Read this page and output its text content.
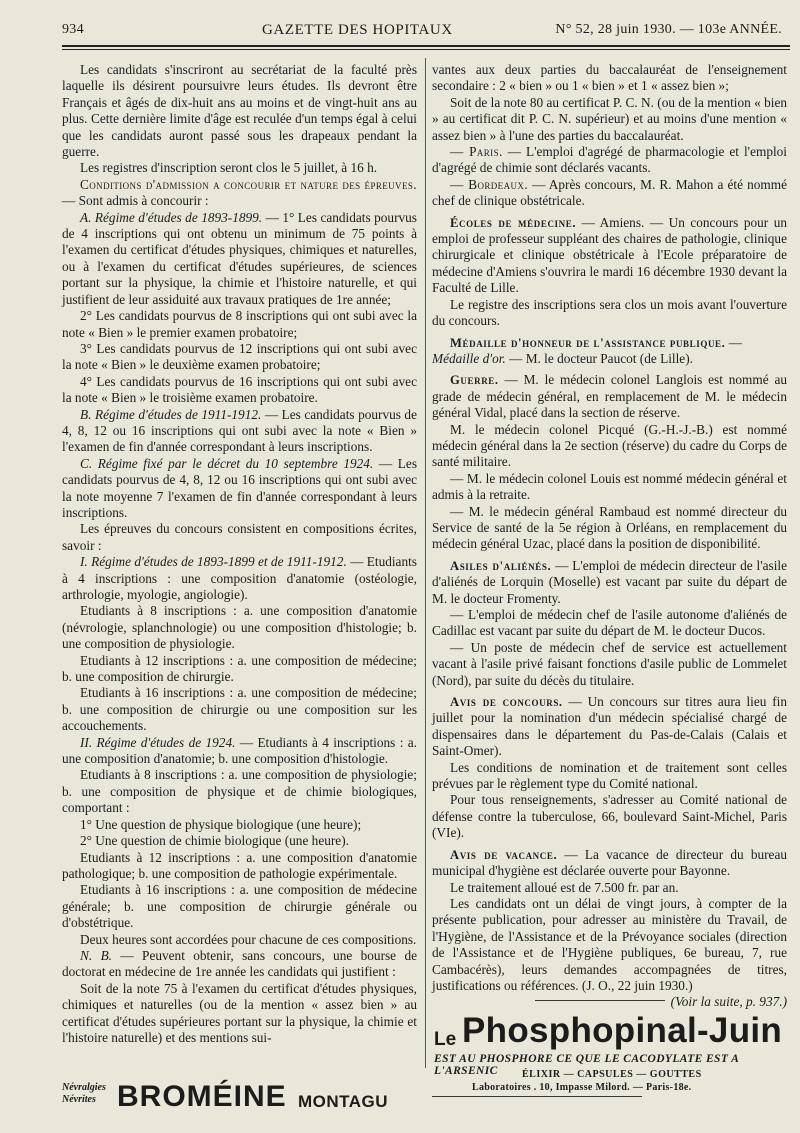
934	GAZETTE DES HOPITAUX	N° 52, 28 juin 1930. — 103e ANNÉE.

Les candidats s'inscriront au secrétariat de la faculté près laquelle ils désirent poursuivre leurs études. Ils devront être Français et âgés de dix-huit ans au moins et de vingt-huit ans au plus. Cette dernière limite d'âge est reculée d'un temps égal à celui que les candidats auront passé sous les drapeaux pendant la guerre.

Les registres d'inscription seront clos le 5 juillet, à 16 h.

Conditions d'admission a concourir et nature des épreuves. — Sont admis à concourir :

A. Régime d'études de 1893-1899. — 1° Les candidats pourvus de 4 inscriptions qui ont obtenu un minimum de 75 points à l'examen du certificat d'études physiques, chimiques et naturelles, ou à l'examen du certificat d'études supérieures, de sciences portant sur la physique, la chimie et l'histoire naturelle, et qui justifient de leur assiduité aux travaux pratiques de 1re année;

2° Les candidats pourvus de 8 inscriptions qui ont subi avec la note « Bien » le premier examen probatoire;

3° Les candidats pourvus de 12 inscriptions qui ont subi avec la note « Bien » le deuxième examen probatoire;

4° Les candidats pourvus de 16 inscriptions qui ont subi avec la note « Bien » le troisième examen probatoire.

B. Régime d'études de 1911-1912. — Les candidats pourvus de 4, 8, 12 ou 16 inscriptions qui ont subi avec la note « Bien » l'examen de fin d'année correspondant à leurs inscriptions.

C. Régime fixé par le décret du 10 septembre 1924. — Les candidats pourvus de 4, 8, 12 ou 16 inscriptions qui ont subi avec la note moyenne 7 l'examen de fin d'année correspondant à leurs inscriptions.

Les épreuves du concours consistent en compositions écrites, savoir :

I. Régime d'études de 1893-1899 et de 1911-1912. — Etudiants à 4 inscriptions : une composition d'anatomie (ostéologie, arthrologie, myologie, angiologie).

Etudiants à 8 inscriptions : a. une composition d'anatomie (névrologie, splanchnologie) ou une composition d'histologie; b. une composition de physiologie.

Etudiants à 12 inscriptions : a. une composition de médecine; b. une composition de chirurgie.

Etudiants à 16 inscriptions : a. une composition de médecine; b. une composition de chirurgie ou une composition sur les accouchements.

II. Régime d'études de 1924. — Etudiants à 4 inscriptions : a. une composition d'anatomie; b. une composition d'histologie.

Etudiants à 8 inscriptions : a. une composition de physiologie; b. une composition de physique et de chimie biologiques, comportant :

1° Une question de physique biologique (une heure);

2° Une question de chimie biologique (une heure).

Etudiants à 12 inscriptions : a. une composition d'anatomie pathologique; b. une composition de pathologie expérimentale.

Etudiants à 16 inscriptions : a. une composition de médecine générale; b. une composition de chirurgie générale ou d'obstétrique.

Deux heures sont accordées pour chacune de ces compositions.

N. B. — Peuvent obtenir, sans concours, une bourse de doctorat en médecine de 1re année les candidats qui justifient :

Soit de la note 75 à l'examen du certificat d'études physiques, chimiques et naturelles (ou de la mention « assez bien » au certificat d'études supérieures portant sur la physique, la chimie et l'histoire naturelle) et des mentions sui-

vantes aux deux parties du baccalauréat de l'enseignement secondaire : 2 « bien » ou 1 « bien » et 1 « assez bien »;

Soit de la note 80 au certificat P. C. N. (ou de la mention « bien » au certificat dit P. C. N. supérieur) et au moins d'une mention « assez bien » à l'une des parties du baccalauréat.

— Paris. — L'emploi d'agrégé de pharmacologie et l'emploi d'agrégé de chimie sont déclarés vacants.

— Bordeaux. — Après concours, M. R. Mahon a été nommé chef de clinique obstétricale.

Écoles de médecine. — Amiens. — Un concours pour un emploi de professeur suppléant des chaires de pathologie, clinique chirurgicale et clinique obstétricale à l'Ecole préparatoire de médecine d'Amiens s'ouvrira le mardi 16 décembre 1930 devant la Faculté de Lille.

Le registre des inscriptions sera clos un mois avant l'ouverture du concours.

Médaille d'honneur de l'assistance publique. —

Médaille d'or. — M. le docteur Paucot (de Lille).

Guerre. — M. le médecin colonel Langlois est nommé au grade de médecin général, en remplacement de M. le médecin général Vidal, placé dans la section de réserve.

M. le médecin colonel Picqué (G.-H.-J.-B.) est nommé médecin général dans la 2e section (réserve) du cadre du Corps de santé militaire.

— M. le médecin colonel Louis est nommé médecin général et admis à la retraite.

— M. le médecin général Rambaud est nommé directeur du Service de santé de la 5e région à Orléans, en remplacement du médecin général Uzac, placé dans la position de disponibilité.

Asiles d'aliénés. — L'emploi de médecin directeur de l'asile d'aliénés de Lorquin (Moselle) est vacant par suite du départ de M. le docteur Fromenty.

— L'emploi de médecin chef de l'asile autonome d'aliénés de Cadillac est vacant par suite du départ de M. le docteur Ducos.

— Un poste de médecin chef de service est actuellement vacant à l'asile privé faisant fonctions d'asile public de Lommelet (Nord), par suite du décès du titulaire.

Avis de concours. — Un concours sur titres aura lieu fin juillet pour la nomination d'un médecin spécialisé chargé de dispensaires dans le département du Pas-de-Calais (Calais et Saint-Omer).

Les conditions de nomination et de traitement sont celles prévues par le règlement type du Comité national.

Pour tous renseignements, s'adresser au Comité national de défense contre la tuberculose, 66, boulevard Saint-Michel, Paris (VIe).

Avis de vacance. — La vacance de directeur du bureau municipal d'hygiène est déclarée ouverte pour Bayonne.

Le traitement alloué est de 7.500 fr. par an.

Les candidats ont un délai de vingt jours, à compter de la présente publication, pour adresser au ministère du Travail, de l'Hygiène, de l'Assistance et de la Prévoyance sociales (direction de l'Assistance et de l'Hygiène publiques, 6e bureau, 7, rue Cambacérès), leurs demandes accompagnées de titres, justifications ou références. (J. O., 22 juin 1930.)

(Voir la suite, p. 937.)

Névralgies
Névrites BROMÉINE MONTAGU
Le Phosphopinal-Juin
EST AU PHOSPHORE CE QUE LE CACODYLATE EST A L'ARSENIC	ÉLIXIR — CAPSULES — GOUTTES
Laboratoires . 10, Impasse Milord. — Paris-18e.
